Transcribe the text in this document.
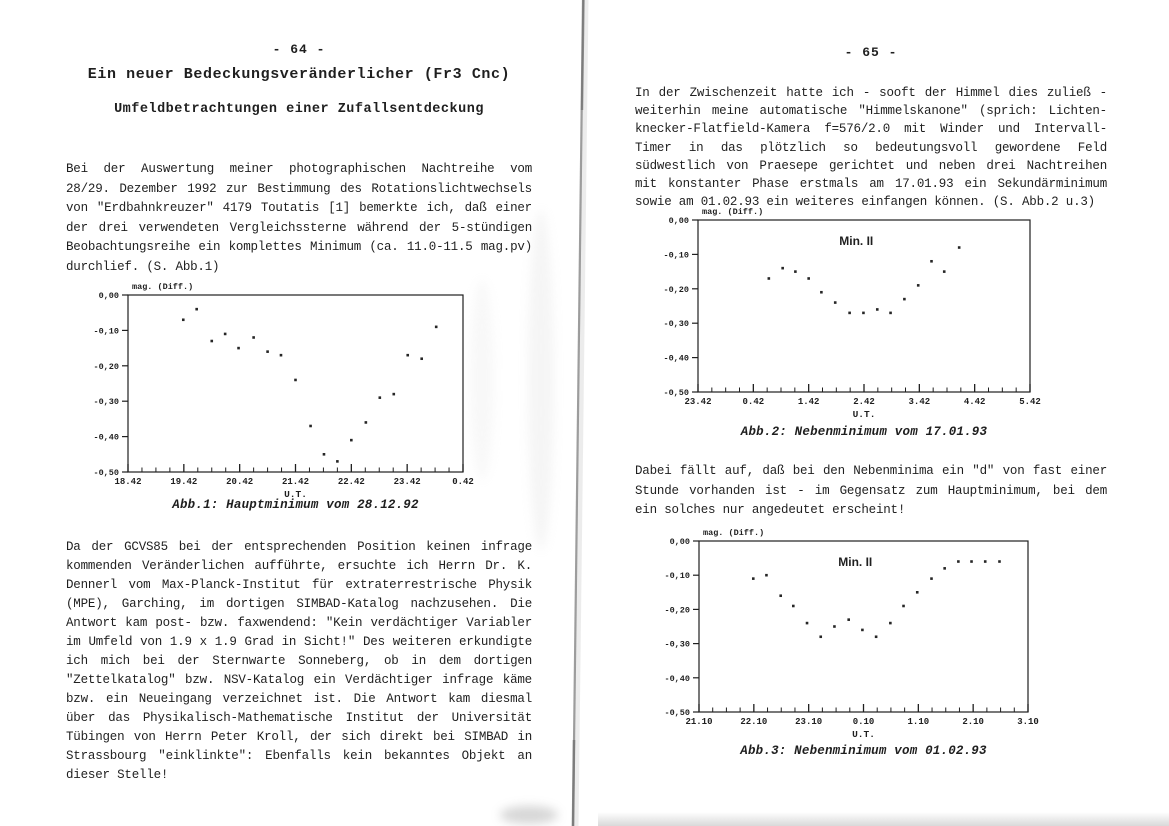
- 64 -
Ein neuer Bedeckungsveränderlicher (Fr3 Cnc)
Umfeldbetrachtungen einer Zufallsentdeckung
Bei der Auswertung meiner photographischen Nachtreihe vom
28/29. Dezember 1992 zur Bestimmung des Rotationslichtwechsels
von "Erdbahnkreuzer" 4179 Toutatis [1] bemerkte ich, daß einer
der drei verwendeten Vergleichssterne während der 5-stündigen
Beobachtungsreihe ein komplettes Minimum (ca. 11.0-11.5 mag.pv)
durchlief. (S. Abb.1)
0,00
-0,10
-0,20
-0,30
-0,40
-0,50
18.42	19.42	20.42	21.42	22.42	23.42	0.42
mag. (Diff.)
U.T.
Abb.1: Hauptminimum vom 28.12.92
Da der GCVS85 bei der entsprechenden Position keinen infrage
kommenden Veränderlichen aufführte, ersuchte ich Herrn Dr. K.
Dennerl vom Max-Planck-Institut für extraterrestrische Physik
(MPE), Garching, im dortigen SIMBAD-Katalog nachzusehen. Die
Antwort kam post- bzw. faxwendend: "Kein verdächtiger Variabler
im Umfeld von 1.9 x 1.9 Grad in Sicht!" Des weiteren erkundigte
ich mich bei der Sternwarte Sonneberg, ob in dem dortigen
"Zettelkatalog" bzw. NSV-Katalog ein Verdächtiger infrage käme
bzw. ein Neueingang verzeichnet ist. Die Antwort kam diesmal
über das Physikalisch-Mathematische Institut der Universität
Tübingen von Herrn Peter Kroll, der sich direkt bei SIMBAD in
Strassbourg "einklinkte": Ebenfalls kein bekanntes Objekt an
dieser Stelle!
- 65 -
In der Zwischenzeit hatte ich - sooft der Himmel dies zuließ -
weiterhin meine automatische "Himmelskanone" (sprich: Lichten-
knecker-Flatfield-Kamera f=576/2.0 mit Winder und Intervall-
Timer in das plötzlich so bedeutungsvoll gewordene Feld
südwestlich von Praesepe gerichtet und neben drei Nachtreihen
mit konstanter Phase erstmals am 17.01.93 ein Sekundärminimum
sowie am 01.02.93 ein weiteres einfangen können. (S. Abb.2 u.3)
0,00
-0,10
-0,20
-0,30
-0,40
-0,50
23.42	0.42	1.42	2.42	3.42	4.42	5.42
mag. (Diff.)
U.T.
Min. II
Abb.2: Nebenminimum vom 17.01.93
Dabei fällt auf, daß bei den Nebenminima ein "d" von fast einer
Stunde vorhanden ist - im Gegensatz zum Hauptminimum, bei dem
ein solches nur angedeutet erscheint!
0,00
-0,10
-0,20
-0,30
-0,40
-0,50
21.10	22.10	23.10	0.10	1.10	2.10	3.10
mag. (Diff.)
U.T.
Min. II
Abb.3: Nebenminimum vom 01.02.93
